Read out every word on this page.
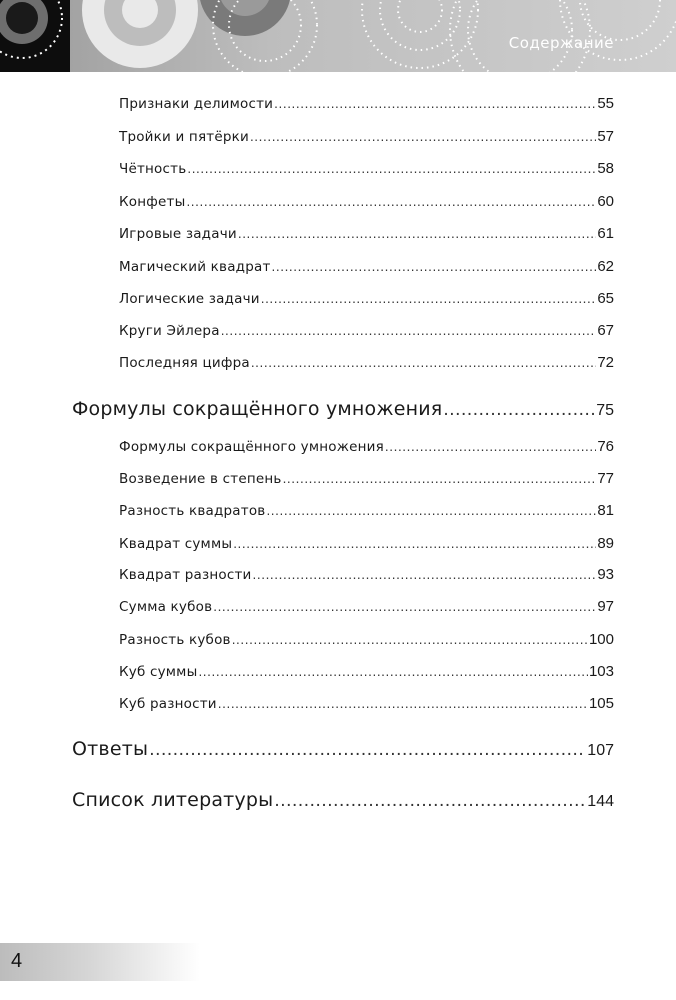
Содержание
Признаки делимости .....	55
Тройки и пятёрки .....	57
Чётность .....	58
Конфеты .....	60
Игровые задачи .....	61
Магический квадрат .....	62
Логические задачи .....	65
Круги Эйлера .....	67
Последняя цифра .....	72
Формулы сокращённого умножения .....	75
Формулы сокращённого умножения .....	76
Возведение в степень .....	77
Разность квадратов .....	81
Квадрат суммы .....	89
Квадрат разности .....	93
Сумма кубов .....	97
Разность кубов .....	100
Куб суммы .....	103
Куб разности .....	105
Ответы .....	107
Список литературы .....	144
4
